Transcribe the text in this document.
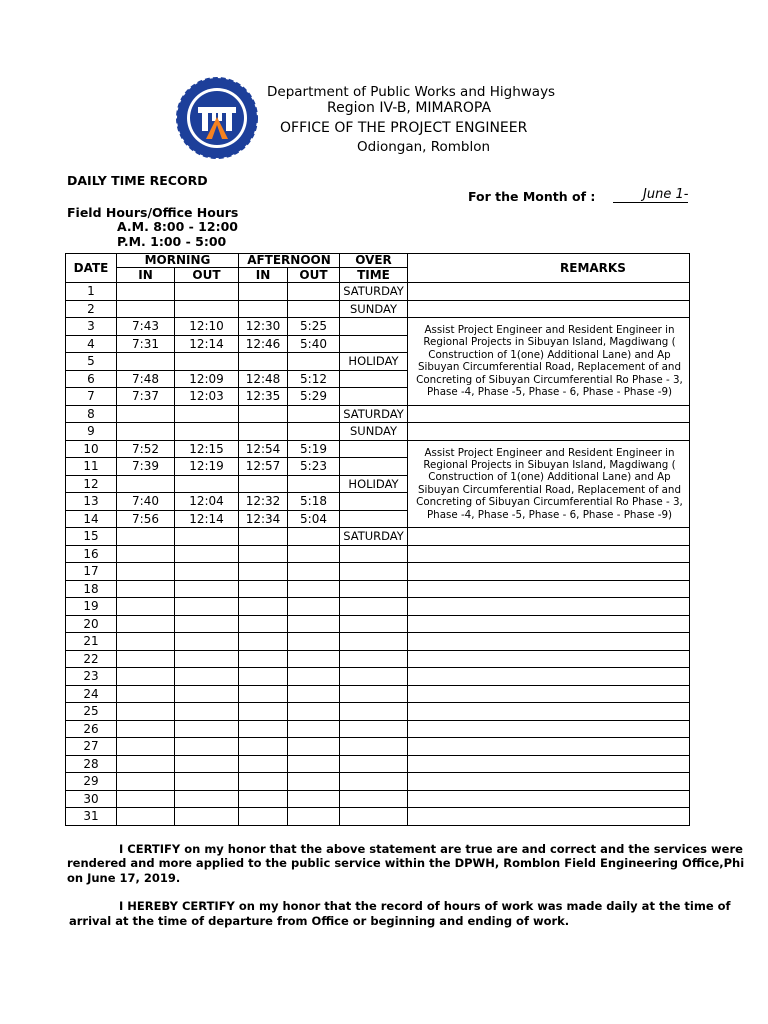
Department of Public Works and Highways
Region IV-B, MIMAROPA
OFFICE OF THE PROJECT ENGINEER
Odiongan, Romblon
DAILY TIME RECORD
For the Month of :	June 1-
Field Hours/Office Hours
A.M. 8:00 - 12:00
P.M. 1:00 - 5:00
DATE	MORNING		AFTERNOON		OVER	REMARKS
	IN	OUT	IN	OUT	TIME	
1					SATURDAY	
2					SUNDAY	
3	7:43	12:10	12:30	5:25		Assist Project Engineer and Resident Engineer in Regional Projects in Sibuyan Island, Magdiwang ( Construction of 1(one) Additional Lane) and Ap Sibuyan Circumferential Road, Replacement of and Concreting of Sibuyan Circumferential Ro Phase - 3, Phase -4, Phase -5, Phase - 6, Phase - Phase -9)
4	7:31	12:14	12:46	5:40		
5					HOLIDAY	
6	7:48	12:09	12:48	5:12		
7	7:37	12:03	12:35	5:29		
8					SATURDAY	
9					SUNDAY	
10	7:52	12:15	12:54	5:19		Assist Project Engineer and Resident Engineer in Regional Projects in Sibuyan Island, Magdiwang ( Construction of 1(one) Additional Lane) and Ap Sibuyan Circumferential Road, Replacement of and Concreting of Sibuyan Circumferential Ro Phase - 3, Phase -4, Phase -5, Phase - 6, Phase - Phase -9)
11	7:39	12:19	12:57	5:23		
12					HOLIDAY	
13	7:40	12:04	12:32	5:18		
14	7:56	12:14	12:34	5:04		
15					SATURDAY	
16						
17						
18						
19						
20						
21						
22						
23						
24						
25						
26						
27						
28						
29						
30						
31						
I CERTIFY on my honor that the above statement are true are and correct and the services were
rendered and more applied to the public service within the DPWH, Romblon Field Engineering Office,Phi
on June 17, 2019.
I HEREBY CERTIFY on my honor that the record of hours of work was made daily at the time of
arrival at the time of departure from Office or beginning and ending of work.
